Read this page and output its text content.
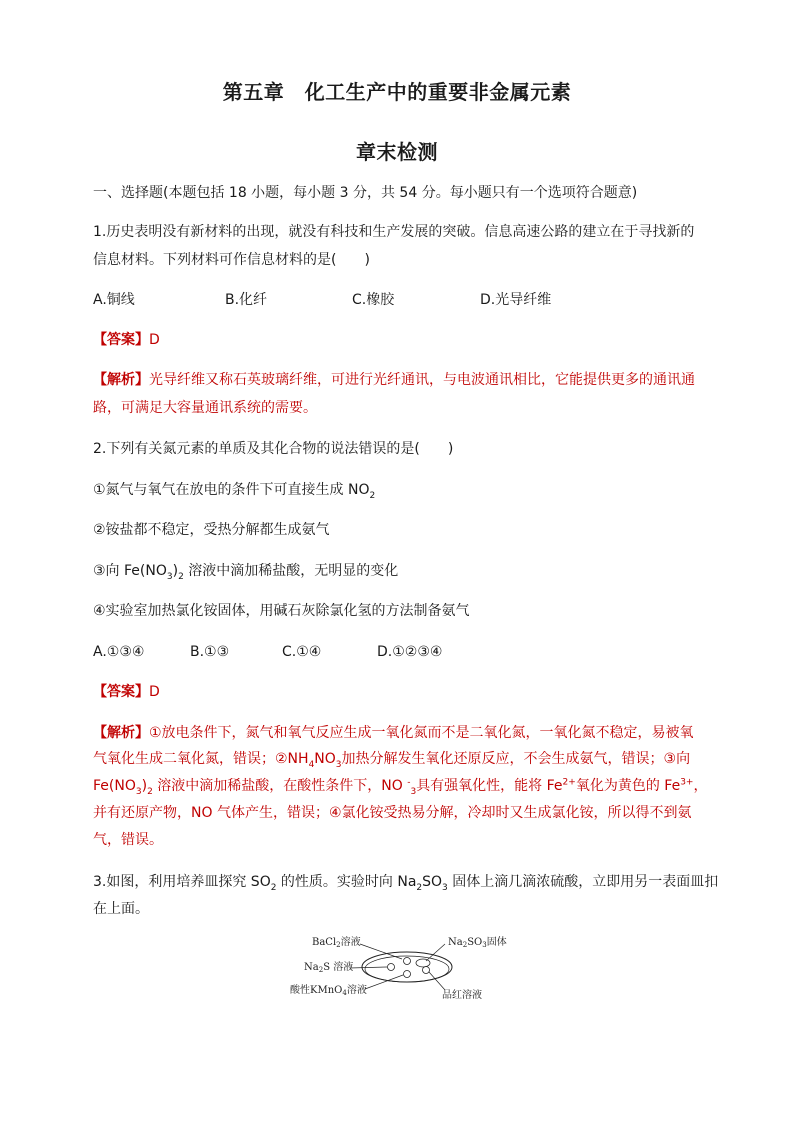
第五章　化工生产中的重要非金属元素
章末检测
一、选择题(本题包括 18 小题，每小题 3 分，共 54 分。每小题只有一个选项符合题意)
1.历史表明没有新材料的出现，就没有科技和生产发展的突破。信息高速公路的建立在于寻找新的
信息材料。下列材料可作信息材料的是(　　)
A.铜线	B.化纤	C.橡胶	D.光导纤维
【答案】D
【解析】光导纤维又称石英玻璃纤维，可进行光纤通讯，与电波通讯相比，它能提供更多的通讯通
路，可满足大容量通讯系统的需要。
2.下列有关氮元素的单质及其化合物的说法错误的是(　　)
①氮气与氧气在放电的条件下可直接生成 $NO_2$
②铵盐都不稳定，受热分解都生成氨气
③向 $Fe(NO_3)_2$ 溶液中滴加稀盐酸，无明显的变化
④实验室加热氯化铵固体，用碱石灰除氯化氢的方法制备氨气
A.①③④	B.①③	C.①④	D.①②③④
【答案】D
【解析】①放电条件下，氮气和氧气反应生成一氧化氮而不是二氧化氮，一氧化氮不稳定，易被氧
气氧化生成二氧化氮，错误；$②NH_4NO_3$加热分解发生氧化还原反应，不会生成氨气，错误；③向
$Fe(NO_3)_2$ 溶液中滴加稀盐酸，在酸性条件下，NO -$_3$具有强氧化性，能将 $Fe^{2+}$氧化为黄色的 $Fe^{3+}$，
并有还原产物，NO 气体产生，错误；④氯化铵受热易分解，冷却时又生成氯化铵，所以得不到氨
气，错误。
3.如图，利用培养皿探究 $SO_2$ 的性质。实验时向 $Na_2SO_3$ 固体上滴几滴浓硫酸，立即用另一表面皿扣
在上面。
BaCl$_2$溶液	$Na_2SO_3$固体
$Na_2S$ 溶液
酸性KMnO$_4$溶液	品红溶液
